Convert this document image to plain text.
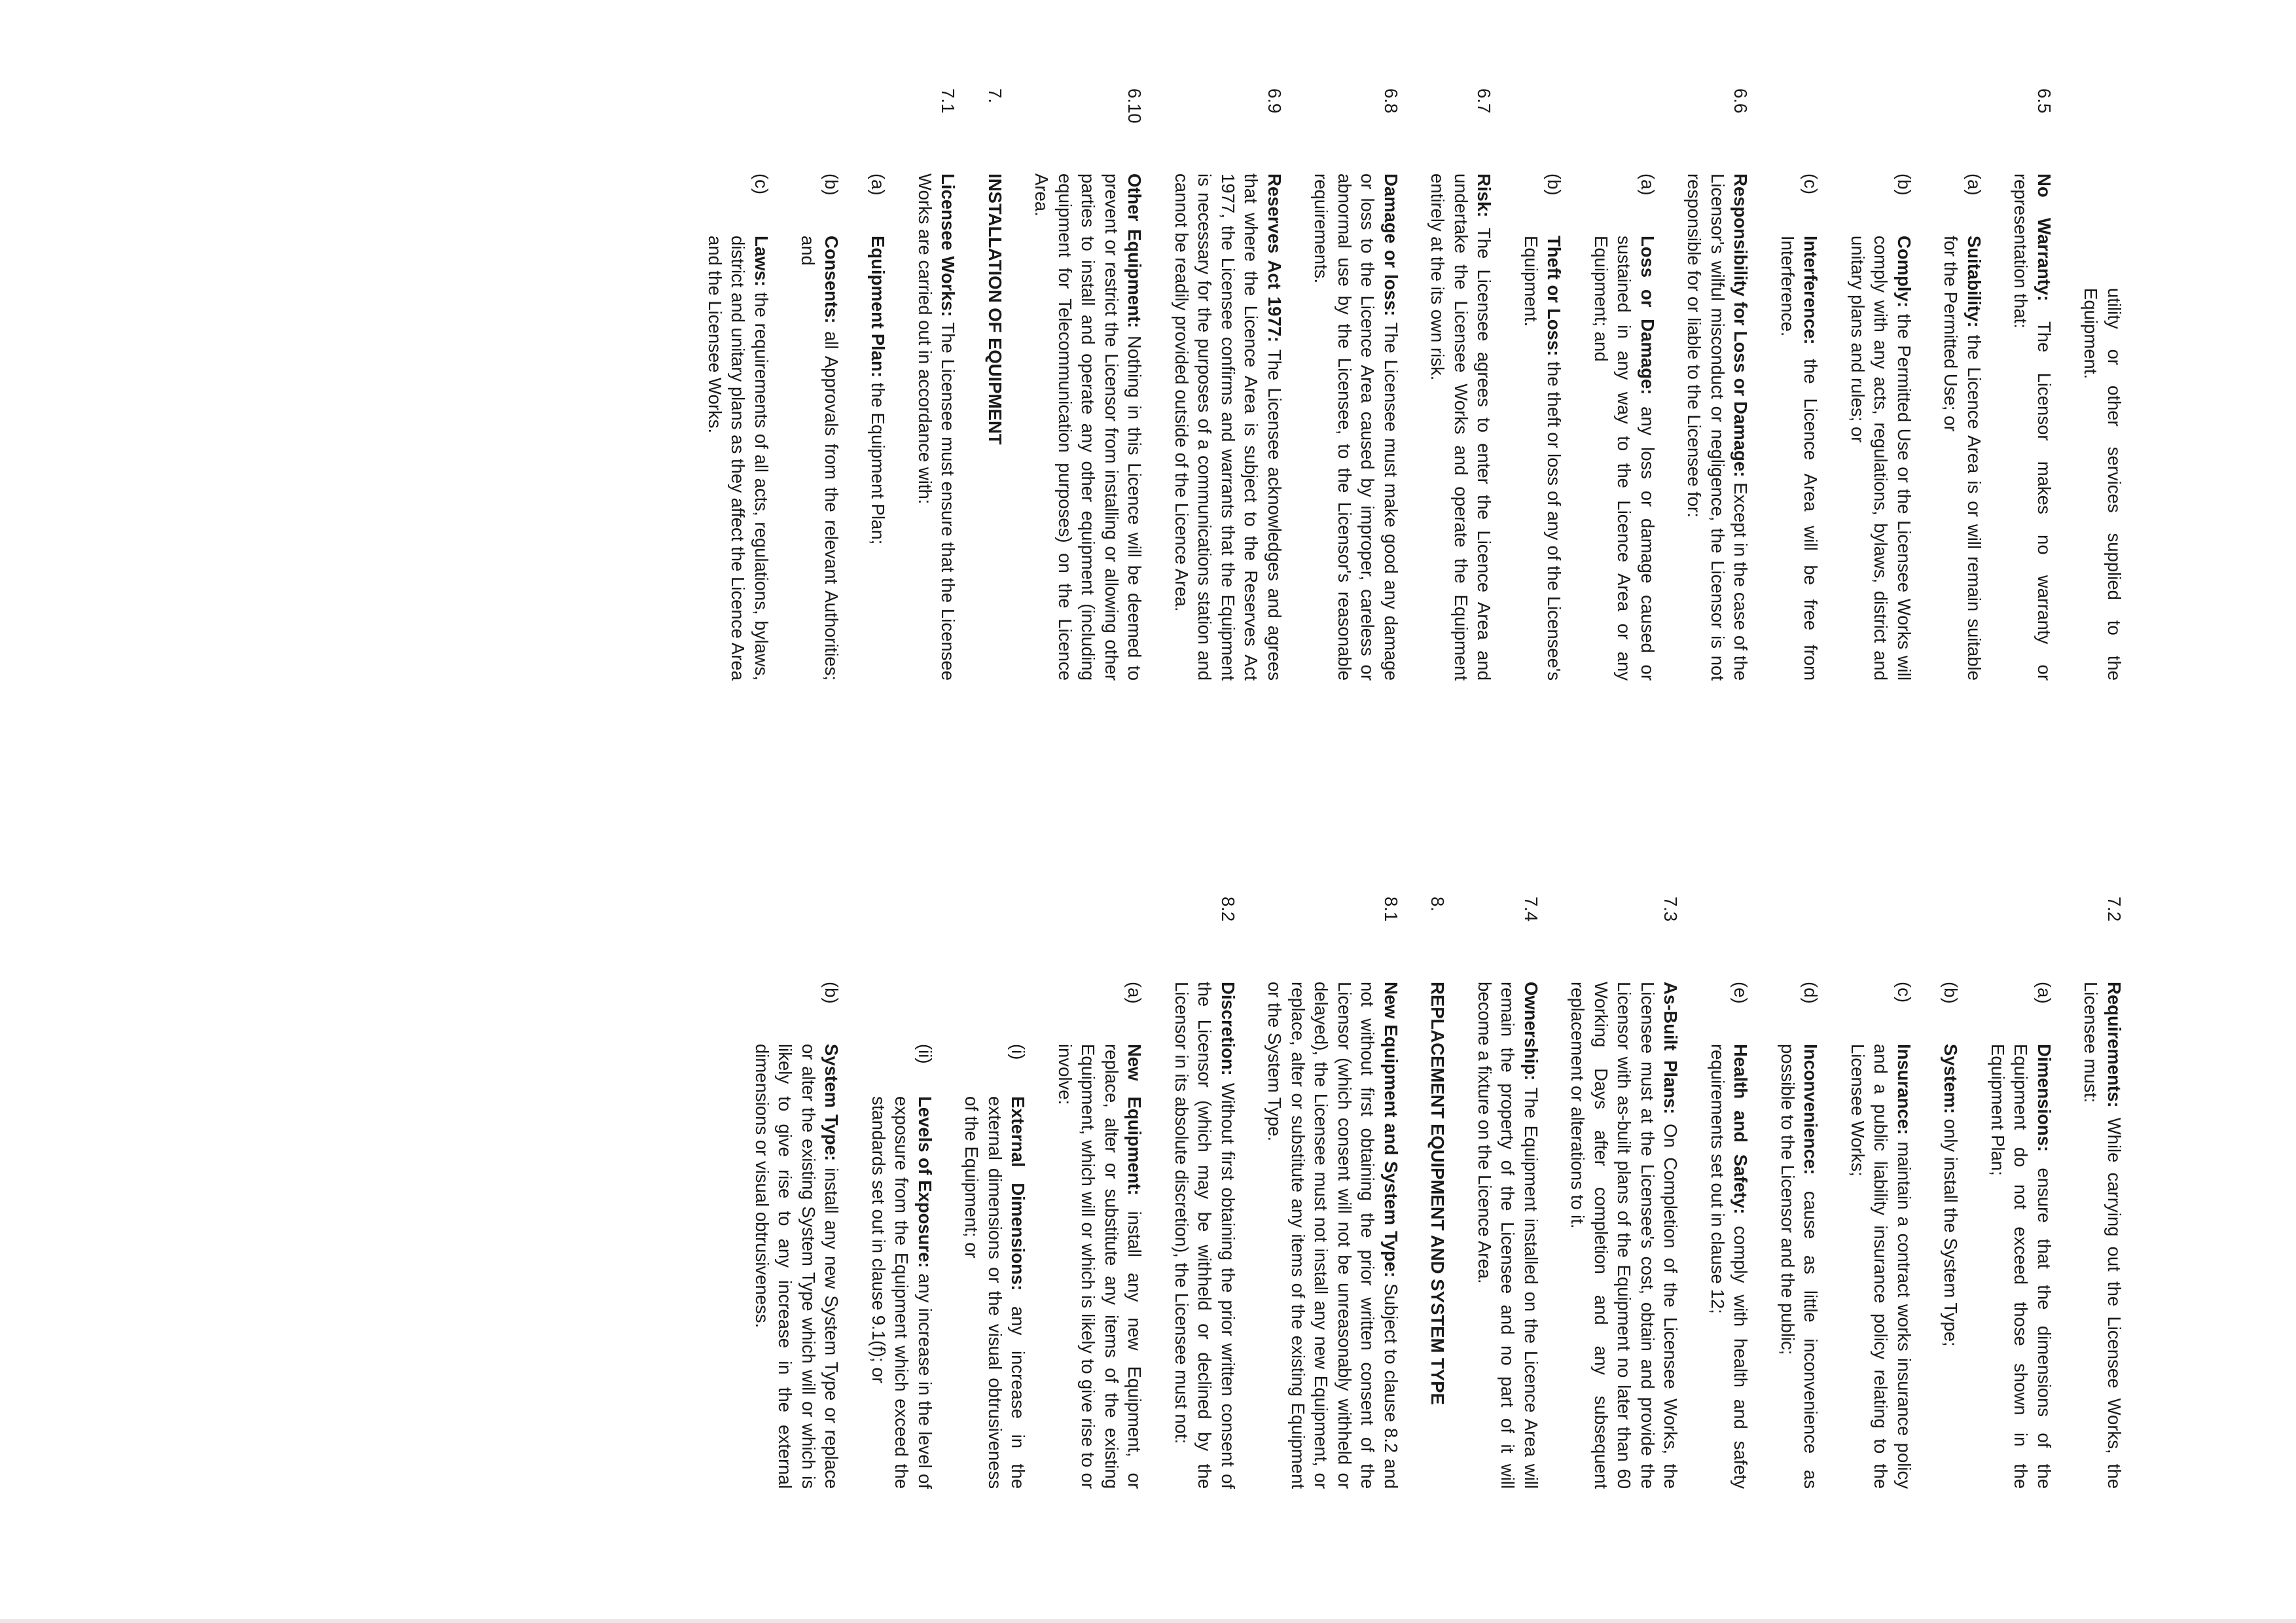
utility or other services supplied to the Equipment.
6.5
No Warranty: The Licensor makes no warranty or representation that:
(a)
Suitability: the Licence Area is or will remain suitable for the Permitted Use; or
(b)
Comply: the Permitted Use or the Licensee Works will comply with any acts, regulations, bylaws, district and unitary plans and rules; or
(c)
Interference: the Licence Area will be free from Interference.
6.6
Responsibility for Loss or Damage: Except in the case of the Licensor's wilful misconduct or negligence, the Licensor is not responsible for or liable to the Licensee for:
(a)
Loss or Damage: any loss or damage caused or sustained in any way to the Licence Area or any Equipment; and
(b)
Theft or Loss: the theft or loss of any of the Licensee's Equipment.
6.7
Risk: The Licensee agrees to enter the Licence Area and undertake the Licensee Works and operate the Equipment entirely at the its own risk.
6.8
Damage or loss: The Licensee must make good any damage or loss to the Licence Area caused by improper, careless or abnormal use by the Licensee, to the Licensor's reasonable requirements.
6.9
Reserves Act 1977: The Licensee acknowledges and agrees that where the Licence Area is subject to the Reserves Act 1977, the Licensee confirms and warrants that the Equipment is necessary for the purposes of a communications station and cannot be readily provided outside of the Licence Area.
6.10
Other Equipment: Nothing in this Licence will be deemed to prevent or restrict the Licensor from installing or allowing other parties to install and operate any other equipment (including equipment for Telecommunication purposes) on the Licence Area.
7.
INSTALLATION OF EQUIPMENT
7.1
Licensee Works: The Licensee must ensure that the Licensee Works are carried out in accordance with:
(a)
Equipment Plan: the Equipment Plan;
(b)
Consents: all Approvals from the relevant Authorities; and
(c)
Laws: the requirements of all acts, regulations, bylaws, district and unitary plans as they affect the Licence Area and the Licensee Works.
7.2
Requirements: While carrying out the Licensee Works, the Licensee must:
(a)
Dimensions: ensure that the dimensions of the Equipment do not exceed those shown in the Equipment Plan;
(b)
System: only install the System Type;
(c)
Insurance: maintain a contract works insurance policy and a public liability insurance policy relating to the Licensee Works;
(d)
Inconvenience: cause as little inconvenience as possible to the Licensor and the public;
(e)
Health and Safety: comply with health and safety requirements set out in clause 12;
7.3
As-Built Plans: On Completion of the Licensee Works, the Licensee must at the Licensee's cost, obtain and provide the Licensor with as-built plans of the Equipment no later than 60 Working Days after completion and any subsequent replacement or alterations to it.
7.4
Ownership: The Equipment installed on the Licence Area will remain the property of the Licensee and no part of it will become a fixture on the Licence Area.
8.
REPLACEMENT EQUIPMENT AND SYSTEM TYPE
8.1
New Equipment and System Type: Subject to clause 8.2 and not without first obtaining the prior written consent of the Licensor (which consent will not be unreasonably withheld or delayed), the Licensee must not install any new Equipment, or replace, alter or substitute any items of the existing Equipment or the System Type.
8.2
Discretion: Without first obtaining the prior written consent of the Licensor (which may be withheld or declined by the Licensor in its absolute discretion), the Licensee must not:
(a)
New Equipment: install any new Equipment, or replace, alter or substitute any items of the existing Equipment, which will or which is likely to give rise to or involve:
(i)
External Dimensions: any increase in the external dimensions or the visual obtrusiveness of the Equipment; or
(ii)
Levels of Exposure: any increase in the level of exposure from the Equipment which exceed the standards set out in clause 9.1(f); or
(b)
System Type: install any new System Type or replace or alter the existing System Type which will or which is likely to give rise to any increase in the external dimensions or visual obtrusiveness.
